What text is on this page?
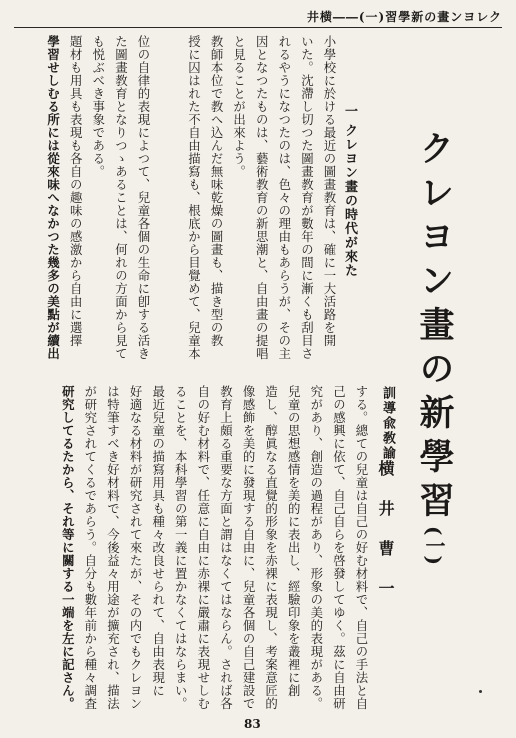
クレヨン畫の新學習(一)――横井
クレヨン畫の新學習(一)
訓導兪敎諭
横井曹一
一 クレヨン畫の時代が來た
小學校に於ける最近の圖畫教育は、確に一大活路を開
いた。沈滯し切つた圖畫教育が數年の間に漸くも刮目さ
れるやうになつたのは、色々の理由もあらうが、その主
因となつたものは、藝術教育の新思潮と、自由畫の提唱
と見ることが出來よう。
教師本位で教へ込んだ無味乾燥の圖畫も、描き型の教
授に囚はれた不自由描寫も、根底から目覺めて、兒童本
位の自律的表現によつて、兒童各個の生命に卽する活き
た圖畫教育となりつゝあることは、何れの方面から見て
も悦ぶべき事象である。
題材も用具も表現も各自の趣味の感激から自由に選擇
學習せしむる所には從來味へなかつた幾多の美點が續出
する。總ての兒童は自己の好む材料で、自己の手法と自
己の感興に依て、自己自らを啓發してゆく。茲に自由研
究があり、創造の過程があり、形象の美的表現がある。
兒童の思想感情を美的に表出し、經驗印象を叢裡に創
造し、醇眞なる直覺的形象を赤裸に表現し、考案意匠的
像感飾を美的に發現する自由に、兒童各個の自己建設で
教育上頗る重要な方面と謂はなくてはならん。されば各
自の好む材料で、任意に自由に赤裸に嚴肅に表現せしむ
ることを、本科學習の第一義に置かなくてはならまい。
最近兒童の描寫用具も種々改良せられて、自由表現に
好適なる材料が研究されて來たが、その内でもクレヨン
は特筆すべき好材料で、今後益々用途が擴充され、描法
が研究されてくるであらう。自分も數年前から種々調査
研究してるたから、それ等に關する一端を左に記さん。
83
